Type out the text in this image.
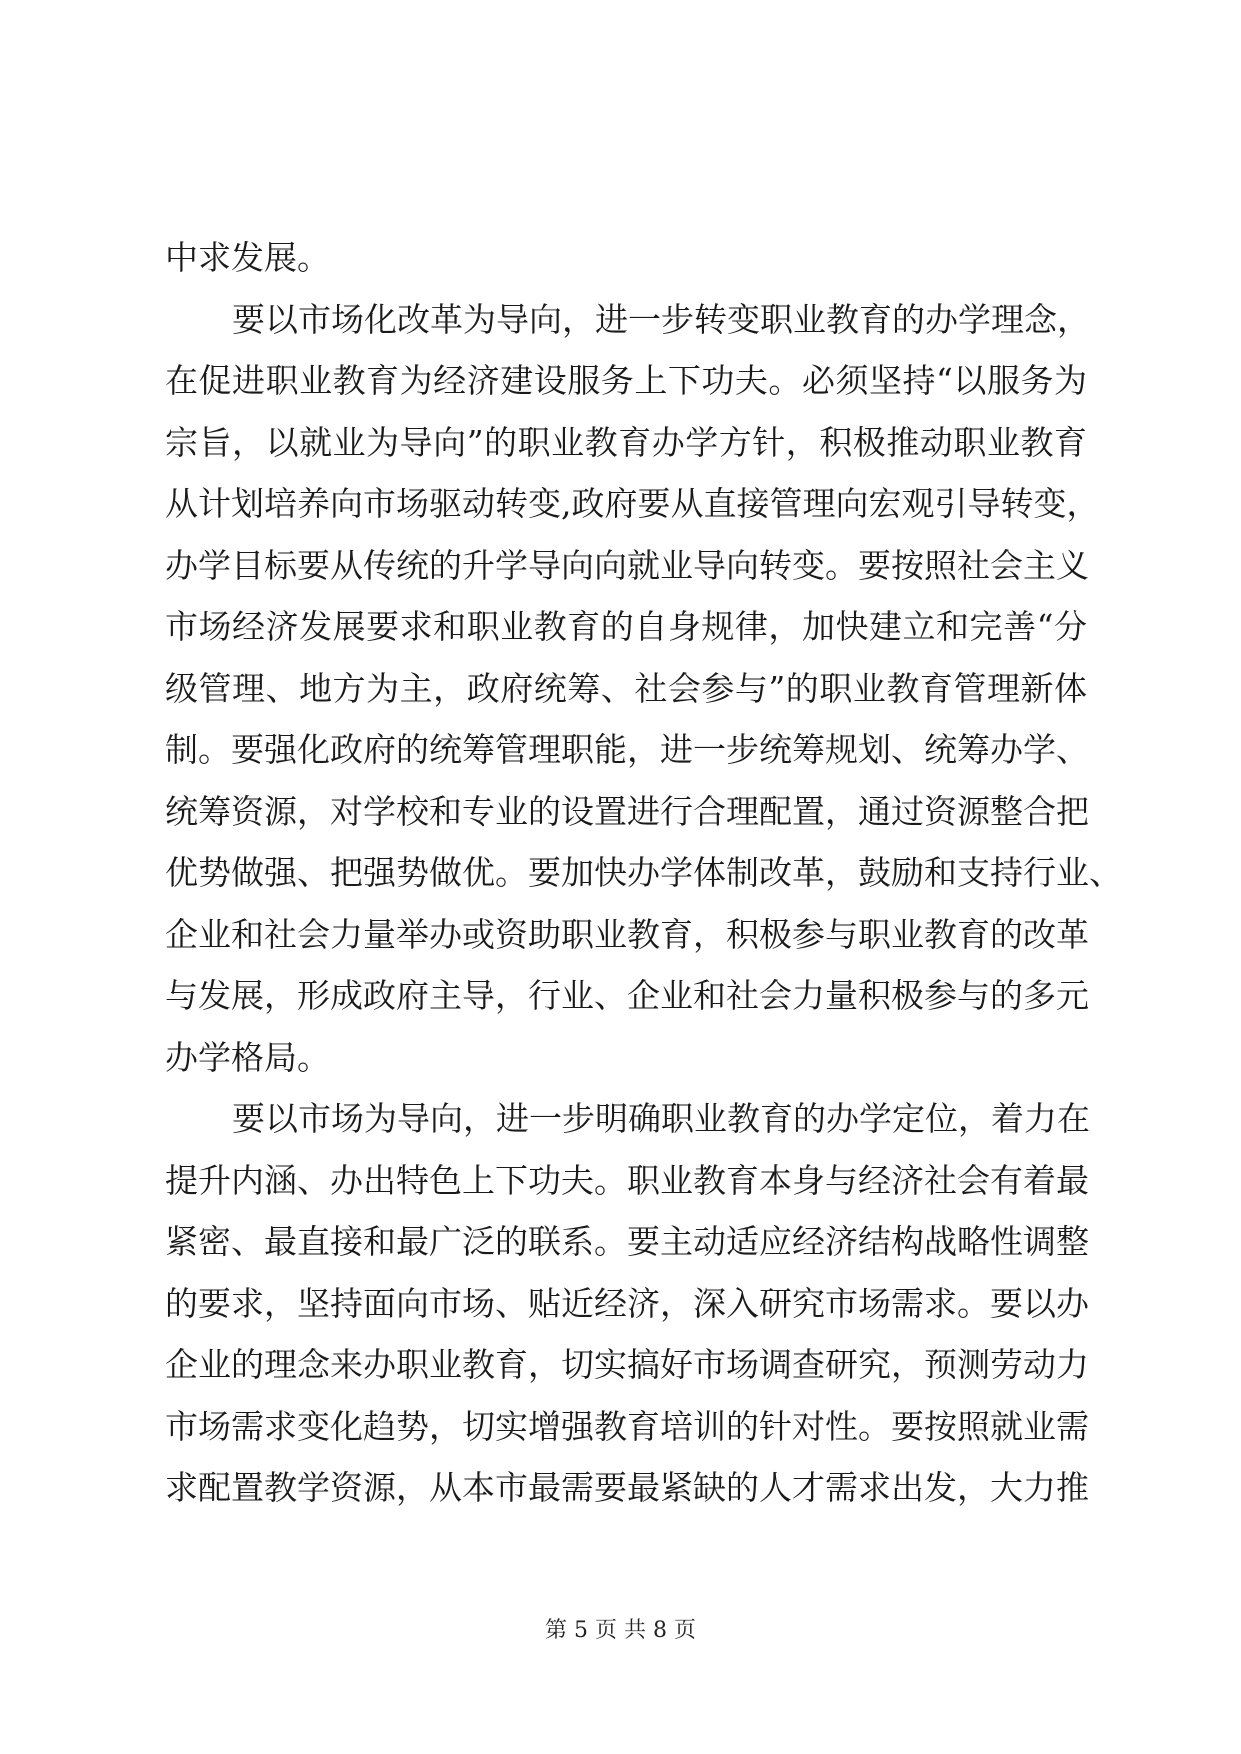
中求发展。
要以市场化改革为导向，进一步转变职业教育的办学理念，
在促进职业教育为经济建设服务上下功夫。必须坚持“以服务为
宗旨，以就业为导向”的职业教育办学方针，积极推动职业教育
从计划培养向市场驱动转变,政府要从直接管理向宏观引导转变，
办学目标要从传统的升学导向向就业导向转变。要按照社会主义
市场经济发展要求和职业教育的自身规律，加快建立和完善“分
级管理、地方为主，政府统筹、社会参与”的职业教育管理新体
制。要强化政府的统筹管理职能，进一步统筹规划、统筹办学、
统筹资源，对学校和专业的设置进行合理配置，通过资源整合把
优势做强、把强势做优。要加快办学体制改革，鼓励和支持行业、
企业和社会力量举办或资助职业教育，积极参与职业教育的改革
与发展，形成政府主导，行业、企业和社会力量积极参与的多元
办学格局。
要以市场为导向，进一步明确职业教育的办学定位，着力在
提升内涵、办出特色上下功夫。职业教育本身与经济社会有着最
紧密、最直接和最广泛的联系。要主动适应经济结构战略性调整
的要求，坚持面向市场、贴近经济，深入研究市场需求。要以办
企业的理念来办职业教育，切实搞好市场调查研究，预测劳动力
市场需求变化趋势，切实增强教育培训的针对性。要按照就业需
求配置教学资源，从本市最需要最紧缺的人才需求出发，大力推
第 5 页 共 8 页
